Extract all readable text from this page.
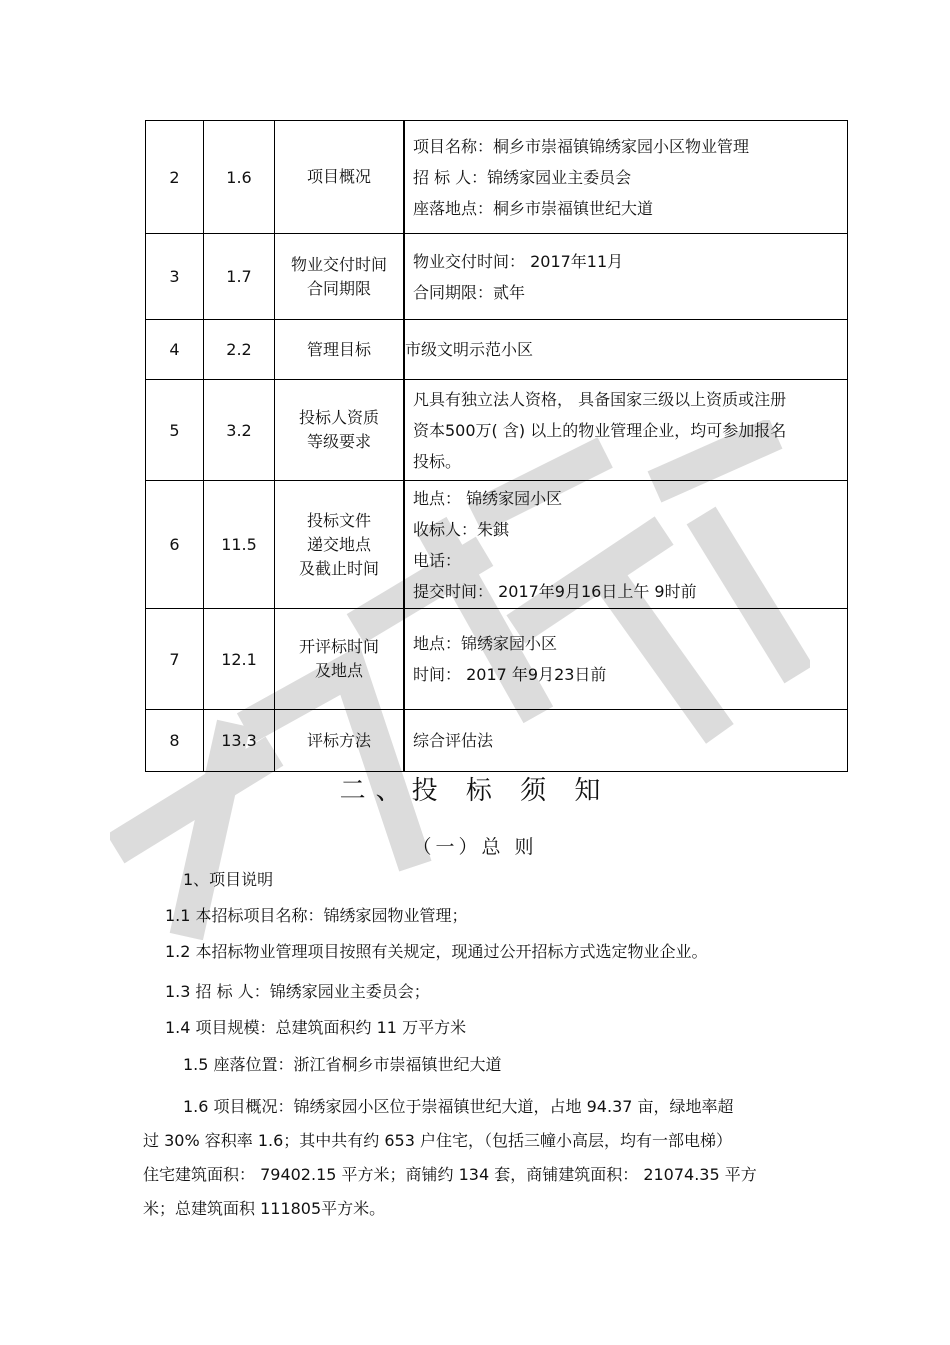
2	1.6	项目概况	项目名称：桐乡市崇福镇锦绣家园小区物业管理
招 标 人：锦绣家园业主委员会
座落地点：桐乡市崇福镇世纪大道

3	1.7	物业交付时间
合同期限	物业交付时间： 2017年11月
合同期限：贰年

4	2.2	管理目标	市级文明示范小区

5	3.2	投标人资质
等级要求	凡具有独立法人资格， 具备国家三级以上资质或注册
资本500万( 含) 以上的物业管理企业，均可参加报名
投标。

6	11.5	投标文件
递交地点
及截止时间	地点： 锦绣家园小区
收标人：朱錤
电话：
提交时间： 2017年9月16日上午 9时前

7	12.1	开评标时间
及地点	地点：锦绣家园小区
时间： 2017 年9月23日前

8	13.3	评标方法	综合评估法
二、投 标 须 知
（一）总 则
1、项目说明
1.1 本招标项目名称：锦绣家园物业管理；
1.2 本招标物业管理项目按照有关规定，现通过公开招标方式选定物业企业。
1.3 招 标 人：锦绣家园业主委员会；
1.4 项目规模：总建筑面积约 11 万平方米
1.5 座落位置：浙江省桐乡市崇福镇世纪大道
1.6 项目概况：锦绣家园小区位于崇福镇世纪大道，占地 94.37 亩，绿地率超
过 30% 容积率 1.6；其中共有约 653 户住宅，（包括三幢小高层，均有一部电梯）
住宅建筑面积： 79402.15 平方米；商铺约 134 套，商铺建筑面积： 21074.35 平方
米；总建筑面积 111805平方米。
